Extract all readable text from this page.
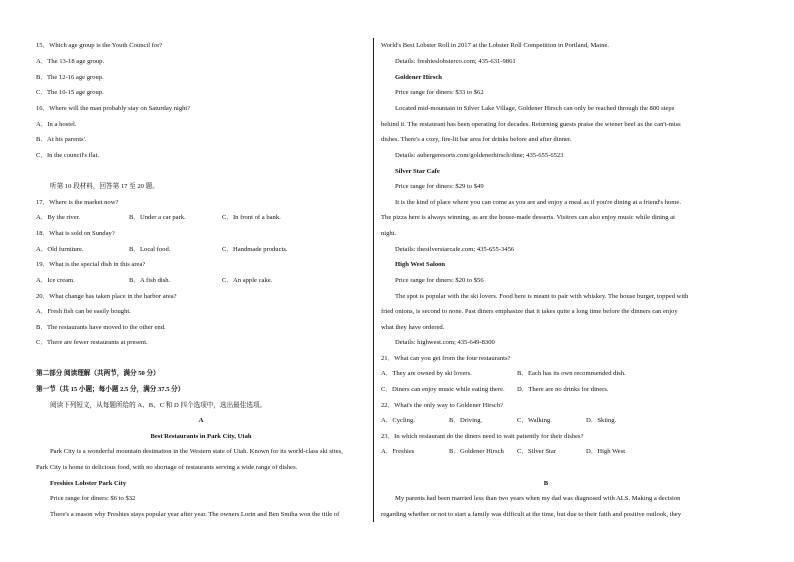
15．Which age group is the Youth Council for?
A．The 13-18 age group.
B．The 12-16 age group.
C．The 10-15 age group.
16．Where will the man probably stay on Saturday night?
A．In a hostel.
B．At his parents'.
C．In the council's flat.
听第 10 段材料，回答第 17 至 20 题。
17．Where is the market now?
A．By the river.	B．Under a car park.	C．In front of a bank.
18．What is sold on Sunday?
A．Old furniture.	B．Local food.	C．Handmade products.
19．What is the special dish in this area?
A．Ice cream.	B．A fish dish.	C．An apple cake.
20．What change has taken place in the harbor area?
A．Fresh fish can be easily bought.
B．The restaurants have moved to the other end.
C．There are fewer restaurants at present.
第二部分 阅读理解（共两节，满分 50 分）
第一节（共 15 小题；每小题 2.5 分，满分 37.5 分）
阅读下列短文，从每题所给的 A、B、C 和 D 四个选项中，选出最佳选项。
A
Best Restaurants in Park City, Utah
Park City is a wonderful mountain destination in the Western state of Utah. Known for its world-class ski sites,
Park City is home to delicious food, with no shortage of restaurants serving a wide range of dishes.
Freshies Lobster Park City
Price range for diners: $6 to $32
There's a reason why Freshies stays popular year after year. The owners Lorin and Ben Smiha won the title of
World's Best Lobster Roll in 2017 at the Lobster Roll Competition in Portland, Maine.
Details: freshieslobsterco.com; 435-631-9861
Goldener Hirsch
Price range for diners: $33 to $62
Located mid-mountain in Silver Lake Village, Goldener Hirsch can only be reached through the 800 steps
behind it. The restaurant has been operating for decades. Returning guests praise the wiener beef as the can't-miss
dishes. There's a cozy, fire-lit bar area for drinks before and after dinner.
Details: aubergeresorts.com/goldenerhirsch/dine; 435-655-6523
Silver Star Cafe
Price range for diners: $29 to $49
It is the kind of place where you can come as you are and enjoy a meal as if you're dining at a friend's home.
The pizza here is always winning, as are the house-made desserts. Visitors can also enjoy music while dining at
night.
Details: thesilverstarcafe.com; 435-655-3456
High West Saloon
Price range for diners: $20 to $56
The spot is popular with the ski lovers. Food here is meant to pair with whiskey. The house burger, topped with
fried onions, is second to none. Past diners emphasize that it takes quite a long time before the dinners can enjoy
what they have ordered.
Details: highwest.com; 435-649-8300
21．What can you get from the four restaurants?
A．They are owned by ski lovers.	B．Each has its own recommended dish.
C．Diners can enjoy music while eating there. D．There are no drinks for diners.
22．What's the only way to Goldener Hirsch?
A．Cycling.	B．Driving.	C．Walking.	D．Skiing.
23．In which restaurant do the diners need to wait patiently for their dishes?
A．Freshies	B．Goldener Hirsch C．Silver Star	D．High West
B
My parents had been married less than two years when my dad was diagnosed with ALS. Making a decision
regarding whether or not to start a family was difficult at the time, but due to their faith and positive outlook, they
